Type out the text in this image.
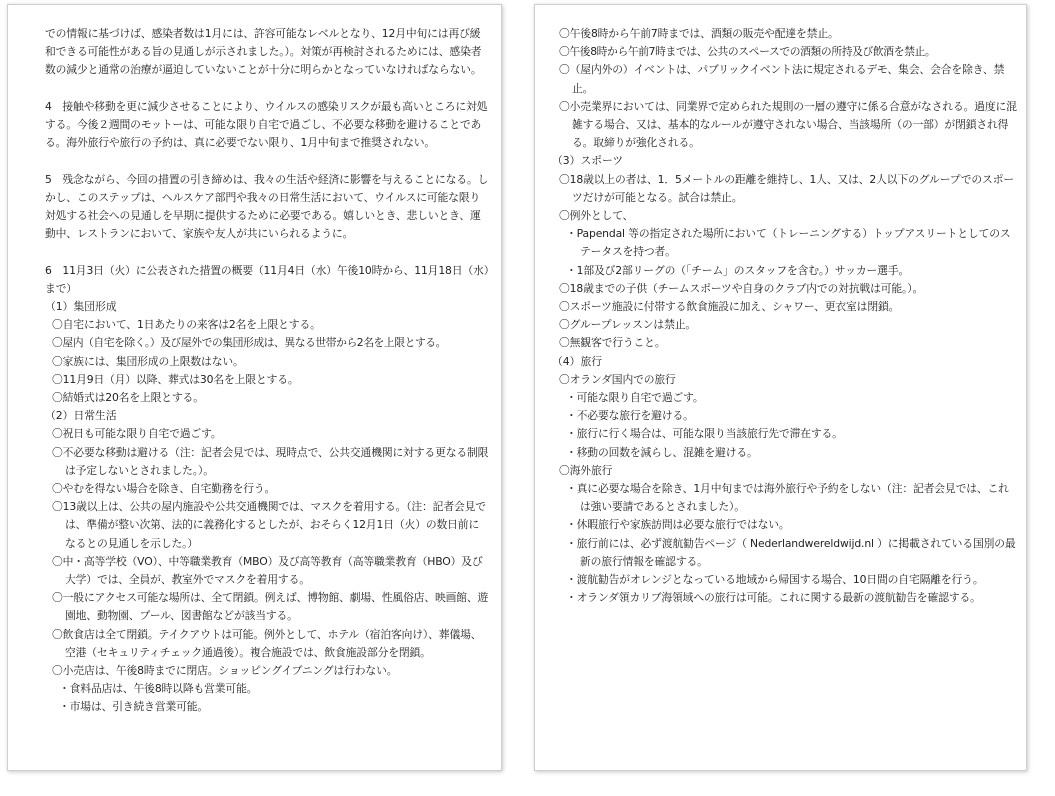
での情報に基づけば、感染者数は1月には、許容可能なレベルとなり、12月中旬には再び緩和できる可能性がある旨の見通しが示されました。）。対策が再検討されるためには、感染者数の減少と通常の治療が逼迫していないことが十分に明らかとなっていなければならない。

4　接触や移動を更に減少させることにより、ウイルスの感染リスクが最も高いところに対処する。今後２週間のモットーは、可能な限り自宅で過ごし、不必要な移動を避けることである。海外旅行や旅行の予約は、真に必要でない限り、1月中旬まで推奨されない。

5　残念ながら、今回の措置の引き締めは、我々の生活や経済に影響を与えることになる。しかし、このステップは、ヘルスケア部門や我々の日常生活において、ウイルスに可能な限り対処する社会への見通しを早期に提供するために必要である。嬉しいとき、悲しいとき、運動中、レストランにおいて、家族や友人が共にいられるように。

6　11月3日（火）に公表された措置の概要（11月4日（水）午後10時から、11月18日（水）まで）

（1）集団形成

〇自宅において、1日あたりの来客は2名を上限とする。

〇屋内（自宅を除く。）及び屋外での集団形成は、異なる世帯から2名を上限とする。

〇家族には、集団形成の上限数はない。

〇11月9日（月）以降、葬式は30名を上限とする。

〇結婚式は20名を上限とする。

（2）日常生活

〇祝日も可能な限り自宅で過ごす。

〇不必要な移動は避ける（注：記者会見では、現時点で、公共交通機関に対する更なる制限は予定しないとされました。）。

〇やむを得ない場合を除き、自宅勤務を行う。

〇13歳以上は、公共の屋内施設や公共交通機関では、マスクを着用する。（注：記者会見では、準備が整い次第、法的に義務化するとしたが、おそらく12月1日（火）の数日前になるとの見通しを示した。）

〇中・高等学校（VO）、中等職業教育（MBO）及び高等教育（高等職業教育（HBO）及び大学）では、全員が、教室外でマスクを着用する。

〇一般にアクセス可能な場所は、全て閉鎖。例えば、博物館、劇場、性風俗店、映画館、遊園地、動物園、プール、図書館などが該当する。

〇飲食店は全て閉鎖。テイクアウトは可能。例外として、ホテル（宿泊客向け）、葬儀場、空港（セキュリティチェック通過後）。複合施設では、飲食施設部分を閉鎖。

〇小売店は、午後8時までに閉店。ショッピングイブニングは行わない。

・食料品店は、午後8時以降も営業可能。

・市場は、引き続き営業可能。

〇午後8時から午前7時までは、酒類の販売や配達を禁止。

〇午後8時から午前7時までは、公共のスペースでの酒類の所持及び飲酒を禁止。

〇（屋内外の）イベントは、パブリックイベント法に規定されるデモ、集会、会合を除き、禁止。

〇小売業界においては、同業界で定められた規則の一層の遵守に係る合意がなされる。過度に混雑する場合、又は、基本的なルールが遵守されない場合、当該場所（の一部）が閉鎖され得る。取締りが強化される。

（3）スポーツ

〇18歳以上の者は、1．5メートルの距離を維持し、1人、又は、2人以下のグループでのスポーツだけが可能となる。試合は禁止。

〇例外として、

・Papendal 等の指定された場所において（トレーニングする）トップアスリートとしてのステータスを持つ者。

・1部及び2部リーグの（「チーム」のスタッフを含む。）サッカー選手。

〇18歳までの子供（チームスポーツや自身のクラブ内での対抗戦は可能。）。

〇スポーツ施設に付帯する飲食施設に加え、シャワー、更衣室は閉鎖。

〇グループレッスンは禁止。

〇無観客で行うこと。

（4）旅行

〇オランダ国内での旅行

・可能な限り自宅で過ごす。

・不必要な旅行を避ける。

・旅行に行く場合は、可能な限り当該旅行先で滞在する。

・移動の回数を減らし、混雑を避ける。

〇海外旅行

・真に必要な場合を除き、1月中旬までは海外旅行や予約をしない（注：記者会見では、これは強い要請であるとされました）。

・休暇旅行や家族訪問は必要な旅行ではない。

・旅行前には、必ず渡航勧告ページ（ Nederlandwereldwijd.nl ）に掲載されている国別の最新の旅行情報を確認する。

・渡航勧告がオレンジとなっている地域から帰国する場合、10日間の自宅隔離を行う。

・オランダ領カリブ海領域への旅行は可能。これに関する最新の渡航勧告を確認する。
